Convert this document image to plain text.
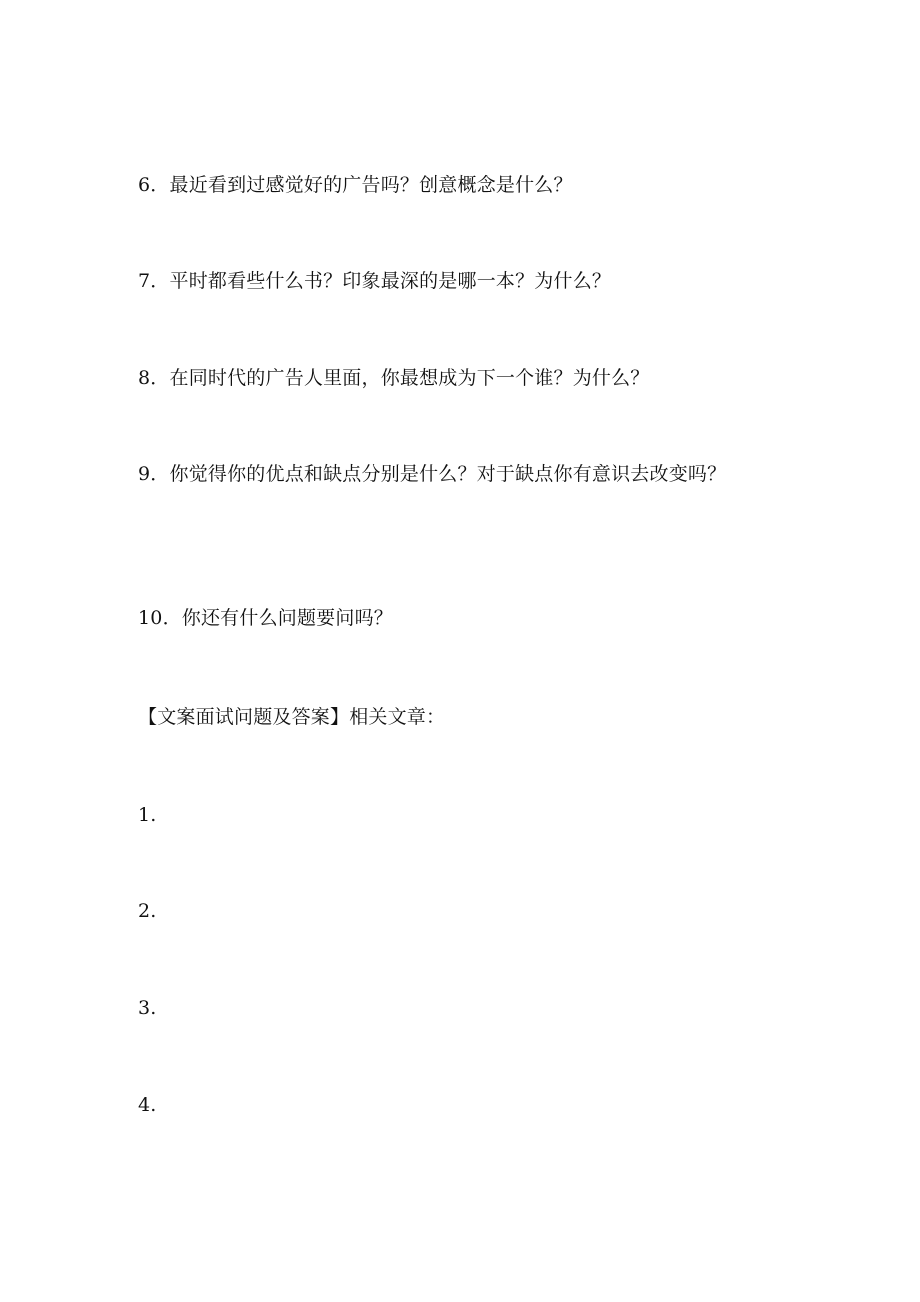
6．最近看到过感觉好的广告吗？创意概念是什么？
7．平时都看些什么书？印象最深的是哪一本？为什么？
8．在同时代的广告人里面，你最想成为下一个谁？为什么？
9．你觉得你的优点和缺点分别是什么？对于缺点你有意识去改变吗？
10．你还有什么问题要问吗？
【文案面试问题及答案】相关文章：
1.
2.
3.
4.
